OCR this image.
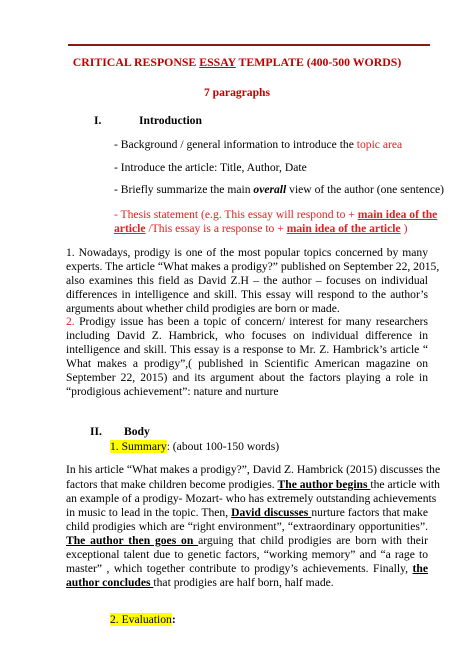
CRITICAL RESPONSE ESSAY TEMPLATE (400-500 WORDS)
7 paragraphs
I.	Introduction
- Background / general information to introduce the topic area
- Introduce the article: Title, Author, Date
- Briefly summarize the main overall view of the author (one sentence)
- Thesis statement (e.g. This essay will respond to + main idea of the
article /This essay is a response to + main idea of the article )
1. Nowadays, prodigy is one of the most popular topics concerned by many
experts. The article “What makes a prodigy?” published on September 22, 2015,
also examines this field as David Z.H – the author – focuses on individual
differences in intelligence and skill. This essay will respond to the author’s
arguments about whether child prodigies are born or made.
2. Prodigy issue has been a topic of concern/ interest for many researchers
including David Z. Hambrick, who focuses on individual difference in
intelligence and skill. This essay is a response to Mr. Z. Hambrick’s article “
What makes a prodigy”,( published in Scientific American magazine on
September 22, 2015) and its argument about the factors playing a role in
“prodigious achievement”: nature and nurture
II. Body
1. Summary: (about 100-150 words)
In his article “What makes a prodigy?”, David Z. Hambrick (2015) discusses the
factors that make children become prodigies. The author begins the article with
an example of a prodigy- Mozart- who has extremely outstanding achievements
in music to lead in the topic. Then, David discusses nurture factors that make
child prodigies which are “right environment”, “extraordinary opportunities”.
The author then goes on arguing that child prodigies are born with their
exceptional talent due to genetic factors, “working memory” and “a rage to
master” , which together contribute to prodigy’s achievements. Finally, the
author concludes that prodigies are half born, half made.
2. Evaluation:
